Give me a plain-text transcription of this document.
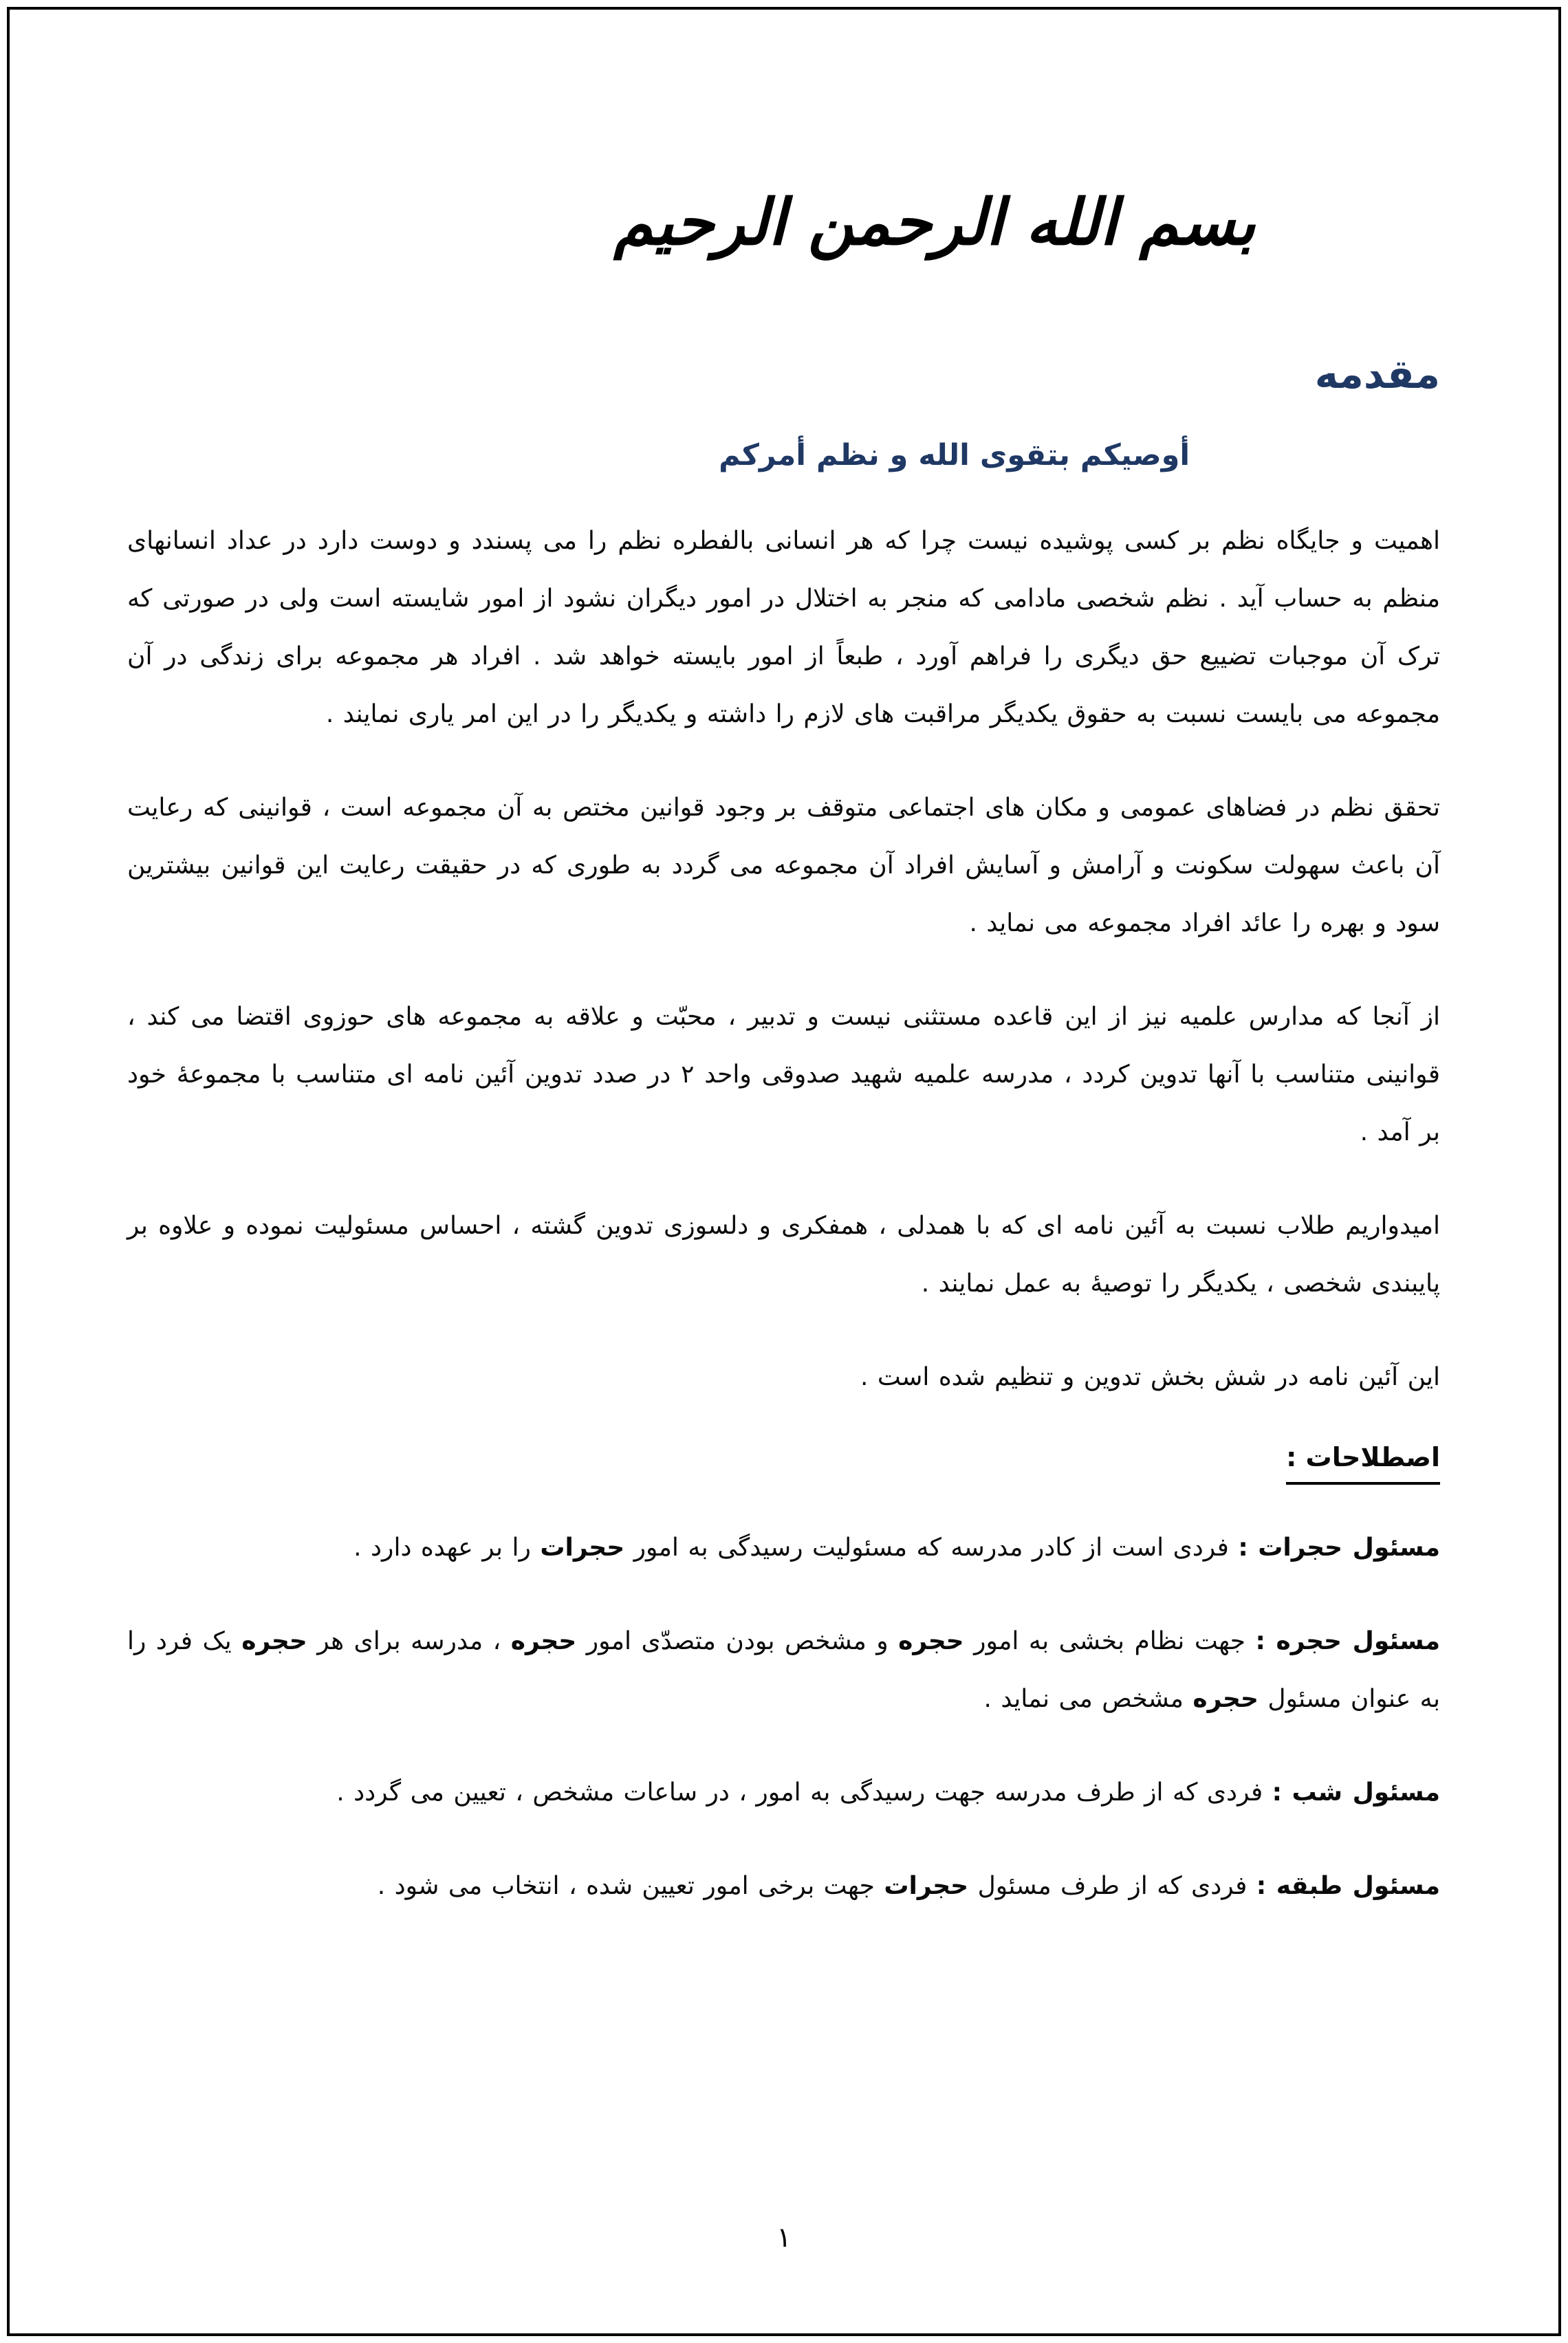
بسم الله الرحمن الرحیم
مقدمه
أوصیکم بتقوی الله و نظم أمرکم

اهمیت و جایگاه نظم بر کسی پوشیده نیست چرا که هر انسانی بالفطره نظم را می پسندد و دوست دارد در عداد انسانهای منظم به حساب آید . نظم شخصی مادامی که منجر به اختلال در امور دیگران نشود از امور شایسته است ولی در صورتی که ترک آن موجبات تضییع حق دیگری را فراهم آورد ، طبعاً از امور بایسته خواهد شد . افراد هر مجموعه برای زندگی در آن مجموعه می بایست نسبت به حقوق یکدیگر مراقبت های لازم را داشته و یکدیگر را در این امر یاری نمایند .

تحقق نظم در فضاهای عمومی و مکان های اجتماعی متوقف بر وجود قوانین مختص به آن مجموعه است ، قوانینی که رعایت آن باعث سهولت سکونت و آرامش و آسایش افراد آن مجموعه می گردد به طوری که در حقیقت رعایت این قوانین بیشترین سود و بهره را عائد افراد مجموعه می نماید .

از آنجا که مدارس علمیه نیز از این قاعده مستثنی نیست و تدبیر ، محبّت و علاقه به مجموعه های حوزوی اقتضا می کند ، قوانینی متناسب با آنها تدوین کردد ، مدرسه علمیه شهید صدوقی واحد ۲ در صدد تدوین آئین نامه ای متناسب با مجموعهٔ خود بر آمد .

امیدواریم طلاب نسبت به آئین نامه ای که با همدلی ، همفکری و دلسوزی تدوین گشته ، احساس مسئولیت نموده و علاوه بر پایبندی شخصی ، یکدیگر را توصیهٔ به عمل نمایند .

این آئین نامه در شش بخش تدوین و تنظیم شده است .

اصطلاحات :

مسئول حجرات : فردی است از کادر مدرسه که مسئولیت رسیدگی به امور حجرات را بر عهده دارد .

مسئول حجره : جهت نظام بخشی به امور حجره و مشخص بودن متصدّی امور حجره ، مدرسه برای هر حجره یک فرد را به عنوان مسئول حجره مشخص می نماید .

مسئول شب : فردی که از طرف مدرسه جهت رسیدگی به امور ، در ساعات مشخص ، تعیین می گردد .

مسئول طبقه : فردی که از طرف مسئول حجرات جهت برخی امور تعیین شده ، انتخاب می شود .

۱
